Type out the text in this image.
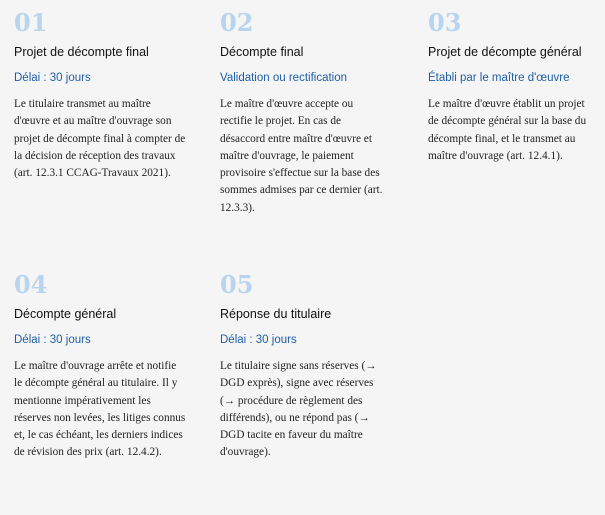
01
Projet de décompte final
Délai : 30 jours
Le titulaire transmet au maître d'œuvre et au maître d'ouvrage son projet de décompte final à compter de la décision de réception des travaux (art. 12.3.1 CCAG-Travaux 2021).
02
Décompte final
Validation ou rectification
Le maître d'œuvre accepte ou rectifie le projet. En cas de désaccord entre maître d'œuvre et maître d'ouvrage, le paiement provisoire s'effectue sur la base des sommes admises par ce dernier (art. 12.3.3).
03
Projet de décompte général
Établi par le maître d'œuvre
Le maître d'œuvre établit un projet de décompte général sur la base du décompte final, et le transmet au maître d'ouvrage (art. 12.4.1).
04
Décompte général
Délai : 30 jours
Le maître d'ouvrage arrête et notifie le décompte général au titulaire. Il y mentionne impérativement les réserves non levées, les litiges connus et, le cas échéant, les derniers indices de révision des prix (art. 12.4.2).
05
Réponse du titulaire
Délai : 30 jours
Le titulaire signe sans réserves (→ DGD exprès), signe avec réserves (→ procédure de règlement des différends), ou ne répond pas (→ DGD tacite en faveur du maître d'ouvrage).
